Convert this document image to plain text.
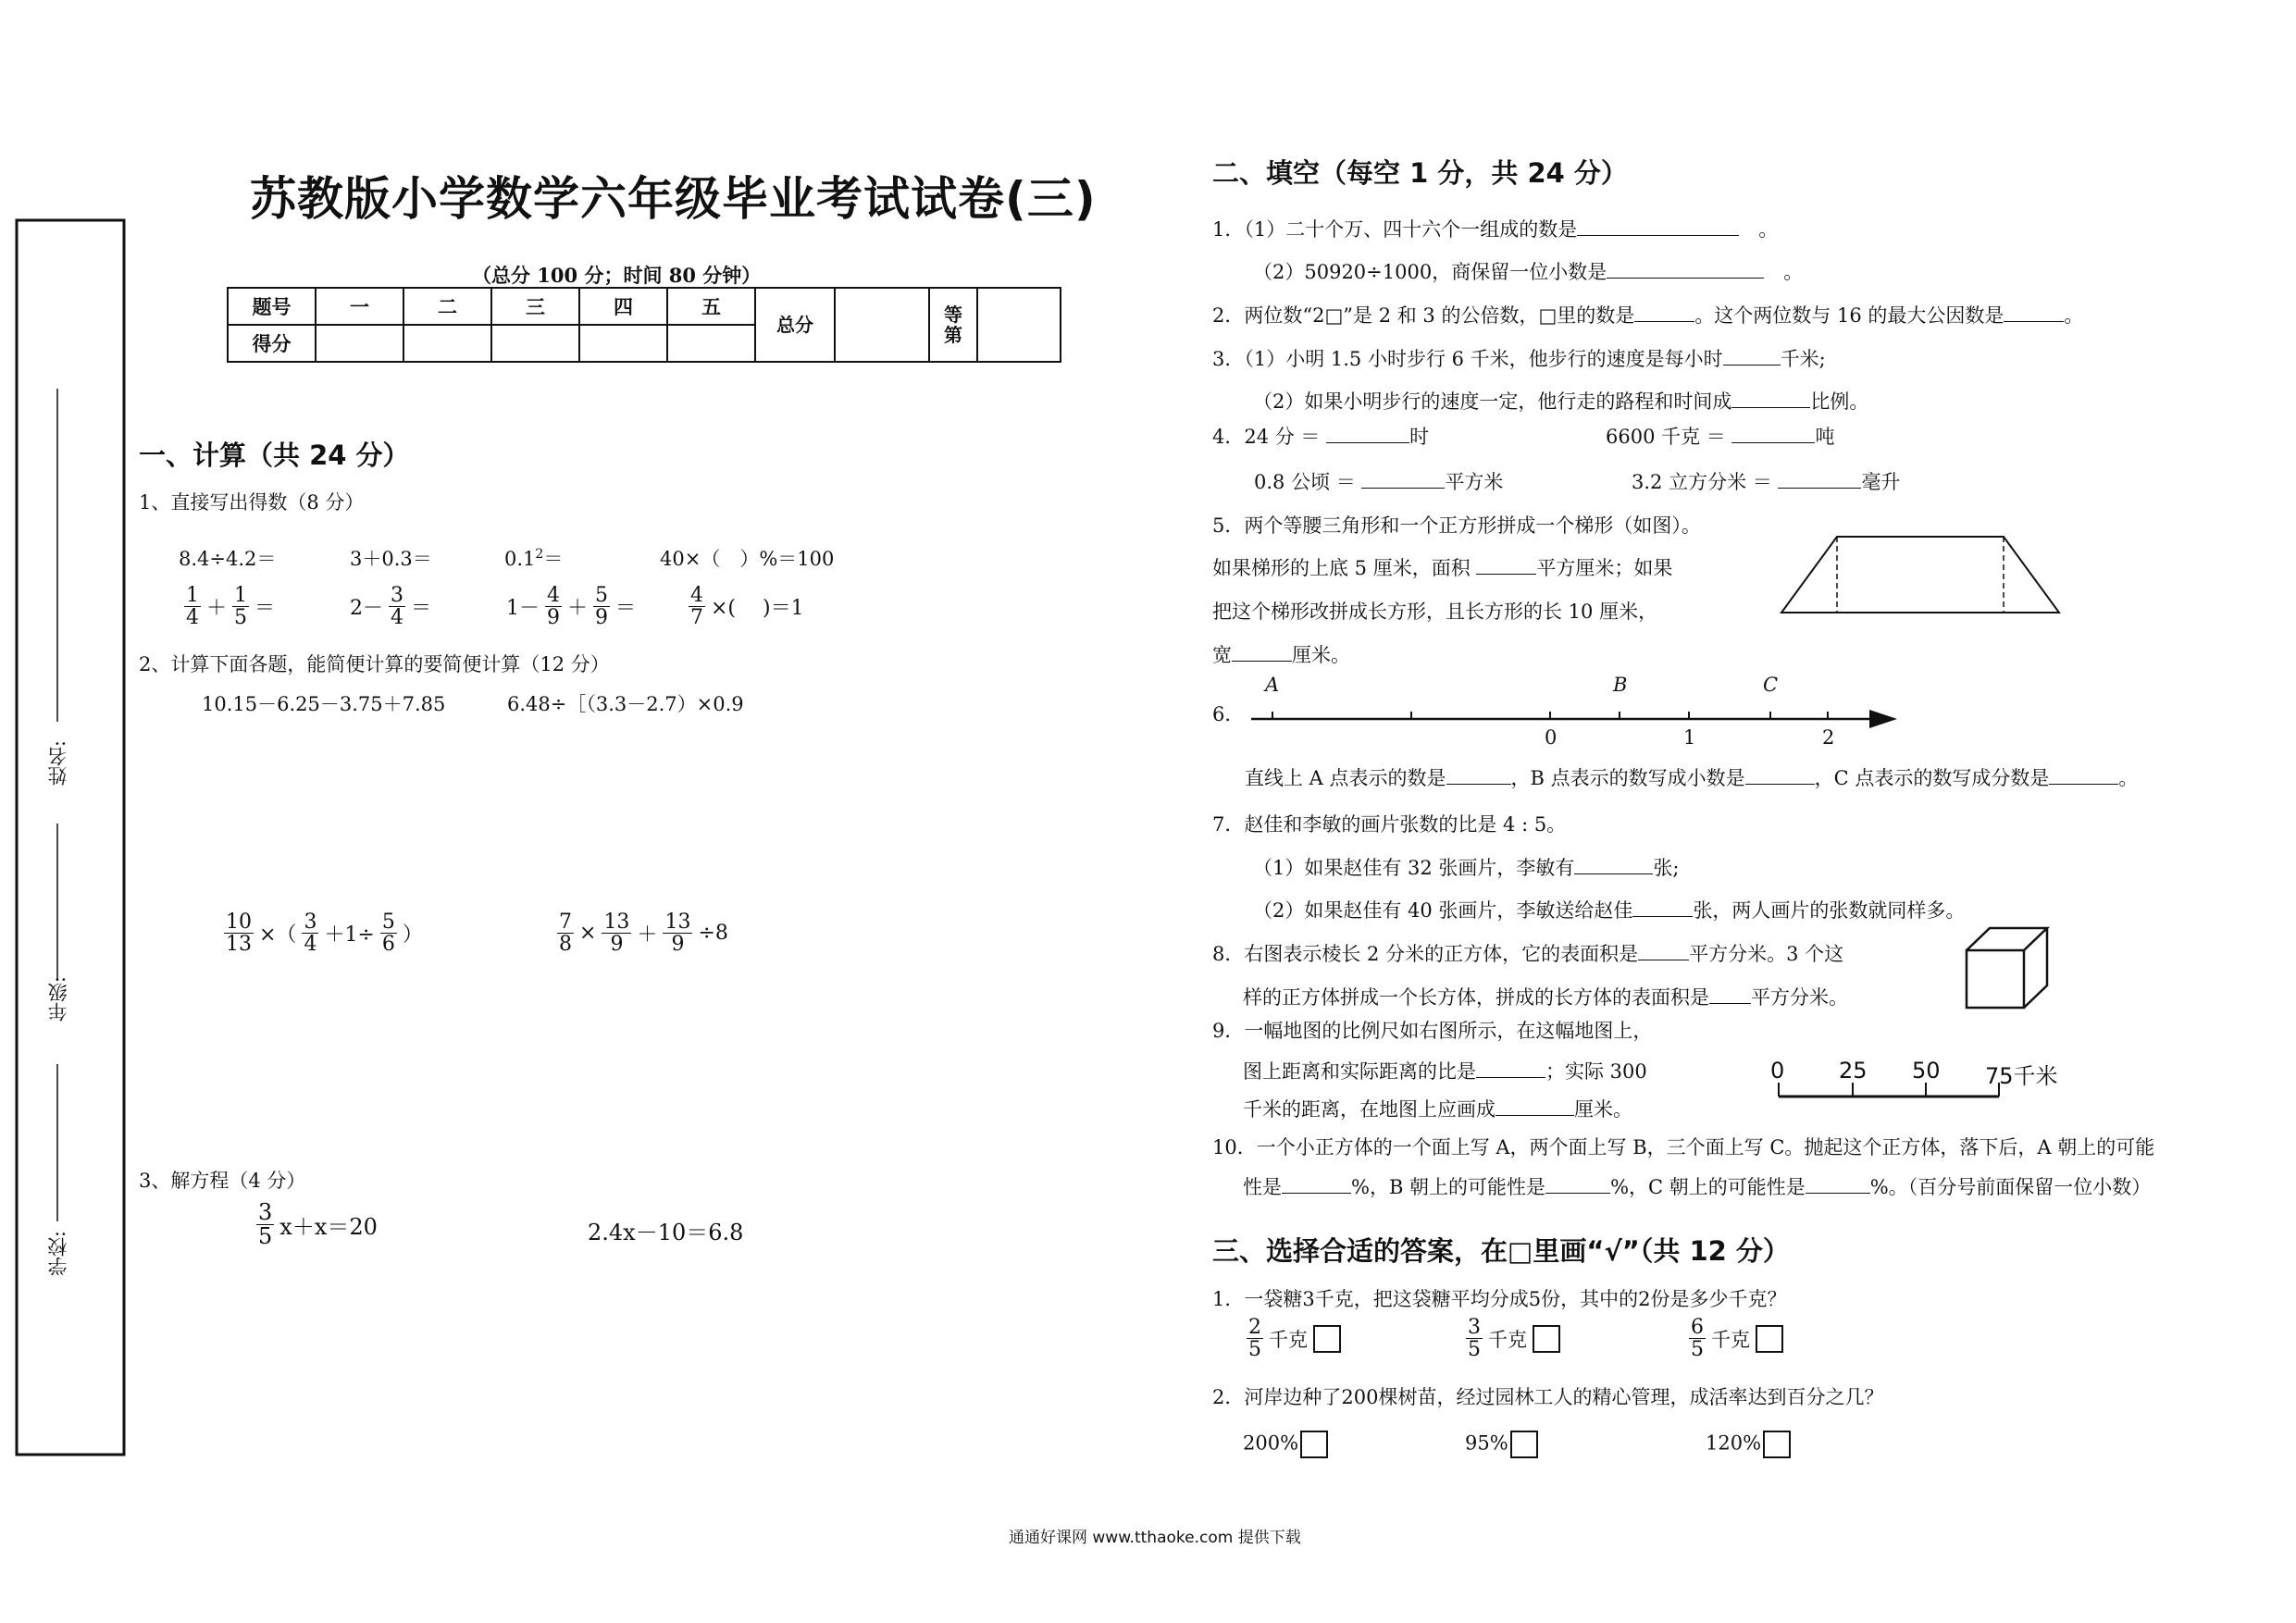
姓名:
年级:
学校:
苏教版小学数学六年级毕业考试试卷(三)
（总分 100 分；时间 80 分钟）
题号	一	二	三	四	五	总分		等第	
得分									
一、计算（共 24 分）
1、直接写出得数（8 分）
8.4÷4.2＝	3＋0.3＝	$0.1^2=$	40×（　）%＝100
$\frac{1}{4} + \frac{1}{5}$ ＝	$2- \frac{3}{4}$ ＝	$1- \frac{4}{9} + \frac{5}{9}$ ＝	$\frac{4}{7}$ ×(　 )＝1
2、计算下面各题，能简便计算的要简便计算（12 分）
10.15－6.25－3.75＋7.85	6.48÷［（3.3－2.7）×0.9
$\frac{10}{13}$ ×（ $\frac{3}{4} +1\div \frac{5}{6}$ ）	$\frac{7}{8} \times \frac{13}{9} + \frac{13}{9} \div 8$
3、解方程（4 分）
$\frac{3}{5} x+x=20$	2.4x－10＝6.8
二、填空（每空 1 分，共 24 分）
1．（1）二十个万、四十六个一组成的数是	　。
（2）50920÷1000，商保留一位小数是	　。
2．两位数“2□”是 2 和 3 的公倍数，□里的数是	。这个两位数与 16 的最大公因数是	。
3．（1）小明 1.5 小时步行 6 千米，他步行的速度是每小时	千米;
（2）如果小明步行的速度一定，他行走的路程和时间成	比例。
4．24 分 ＝	时	6600 千克 ＝	吨
0.8 公顷 ＝	平方米	3.2 立方分米 ＝	毫升
5．两个等腰三角形和一个正方形拼成一个梯形（如图）。
如果梯形的上底 5 厘米，面积	平方厘米；如果
把这个梯形改拼成长方形，且长方形的长 10 厘米，
宽	厘米。
6．
A	B	C
0	1	2
直线上 A 点表示的数是	，B 点表示的数写成小数是	，C 点表示的数写成分数是	。
7．赵佳和李敏的画片张数的比是 4 : 5。
（1）如果赵佳有 32 张画片，李敏有	张;
（2）如果赵佳有 40 张画片，李敏送给赵佳	张，两人画片的张数就同样多。
8．右图表示棱长 2 分米的正方体，它的表面积是	平方分米。3 个这
样的正方体拼成一个长方体，拼成的长方体的表面积是 平方分米。
9．一幅地图的比例尺如右图所示，在这幅地图上，
图上距离和实际距离的比是	；实际 300
千米的距离，在地图上应画成	厘米。
0 25 50 75千米
10．一个小正方体的一个面上写 A，两个面上写 B，三个面上写 C。抛起这个正方体，落下后，A 朝上的可能
性是	%，B 朝上的可能性是	%，C 朝上的可能性是	%。（百分号前面保留一位小数）
三、选择合适的答案，在□里画“√”（共 12 分）
1．一袋糖3千克，把这袋糖平均分成5份，其中的2份是多少千克？
$\frac{2}{5}$ 千克	$\frac{3}{5}$ 千克	$\frac{6}{5}$ 千克
2．河岸边种了200棵树苗，经过园林工人的精心管理，成活率达到百分之几？
200%	95%	120%
通通好课网 www.tthaoke.com 提供下载
